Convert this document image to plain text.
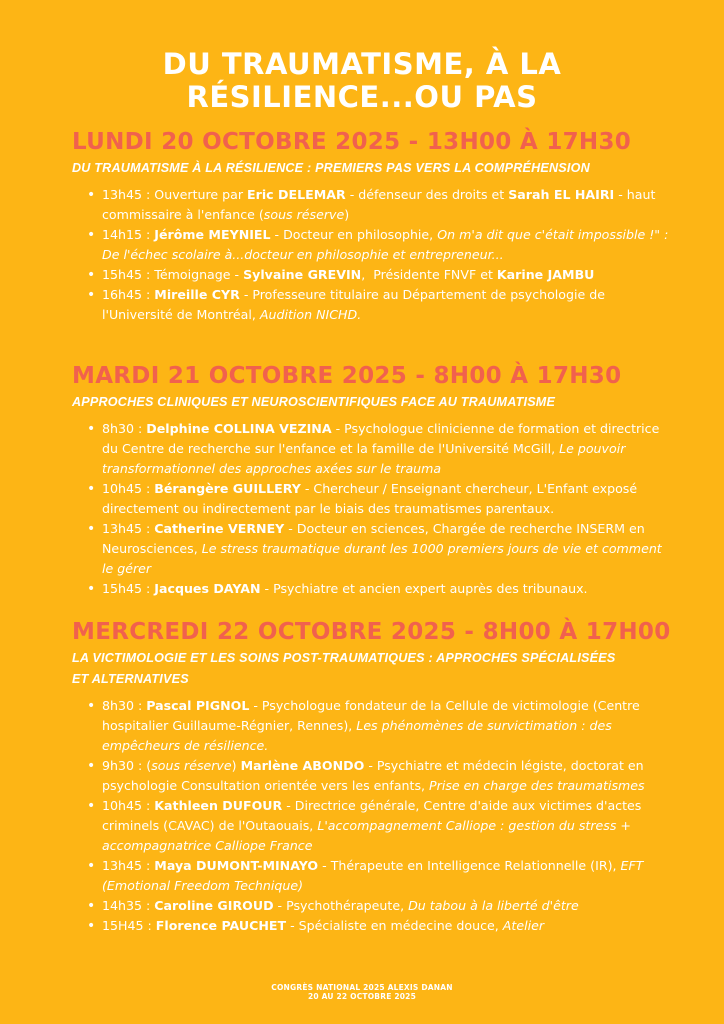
DU TRAUMATISME, À LA
RÉSILIENCE...OU PAS
LUNDI 20 OCTOBRE 2025 - 13H00 À 17H30

DU TRAUMATISME À LA RÉSILIENCE : PREMIERS PAS VERS LA COMPRÉHENSION

• 13h45 : Ouverture par Eric DELEMAR - défenseur des droits et Sarah EL HAIRI - haut commissaire à l'enfance (sous réserve)
• 14h15 : Jérôme MEYNIEL - Docteur en philosophie, On m'a dit que c'était impossible !" : De l'échec scolaire à...docteur en philosophie et entrepreneur...
• 15h45 : Témoignage - Sylvaine GREVIN,  Présidente FNVF et Karine JAMBU
• 16h45 : Mireille CYR - Professeure titulaire au Département de psychologie de l'Université de Montréal, Audition NICHD.
MARDI 21 OCTOBRE 2025 - 8H00 À 17H30

APPROCHES CLINIQUES ET NEUROSCIENTIFIQUES FACE AU TRAUMATISME

• 8h30 : Delphine COLLINA VEZINA - Psychologue clinicienne de formation et directrice du Centre de recherche sur l'enfance et la famille de l'Université McGill, Le pouvoir transformationnel des approches axées sur le trauma
• 10h45 : Bérangère GUILLERY - Chercheur / Enseignant chercheur, L'Enfant exposé directement ou indirectement par le biais des traumatismes parentaux.
• 13h45 : Catherine VERNEY - Docteur en sciences, Chargée de recherche INSERM en Neurosciences, Le stress traumatique durant les 1000 premiers jours de vie et comment le gérer
• 15h45 : Jacques DAYAN - Psychiatre et ancien expert auprès des tribunaux.
MERCREDI 22 OCTOBRE 2025 - 8H00 À 17H00

LA VICTIMOLOGIE ET LES SOINS POST-TRAUMATIQUES : APPROCHES SPÉCIALISÉES ET ALTERNATIVES

• 8h30 : Pascal PIGNOL - Psychologue fondateur de la Cellule de victimologie (Centre hospitalier Guillaume-Régnier, Rennes), Les phénomènes de survictimation : des empêcheurs de résilience.
• 9h30 : (sous réserve) Marlène ABONDO - Psychiatre et médecin légiste, doctorat en psychologie Consultation orientée vers les enfants, Prise en charge des traumatismes
• 10h45 : Kathleen DUFOUR - Directrice générale, Centre d'aide aux victimes d'actes criminels (CAVAC) de l'Outaouais, L'accompagnement Calliope : gestion du stress + accompagnatrice Calliope France
• 13h45 : Maya DUMONT-MINAYO - Thérapeute en Intelligence Relationnelle (IR), EFT (Emotional Freedom Technique)
• 14h35 : Caroline GIROUD - Psychothérapeute, Du tabou à la liberté d'être
• 15H45 : Florence PAUCHET - Spécialiste en médecine douce, Atelier
CONGRÈS NATIONAL 2025 ALEXIS DANAN
20 AU 22 OCTOBRE 2025
